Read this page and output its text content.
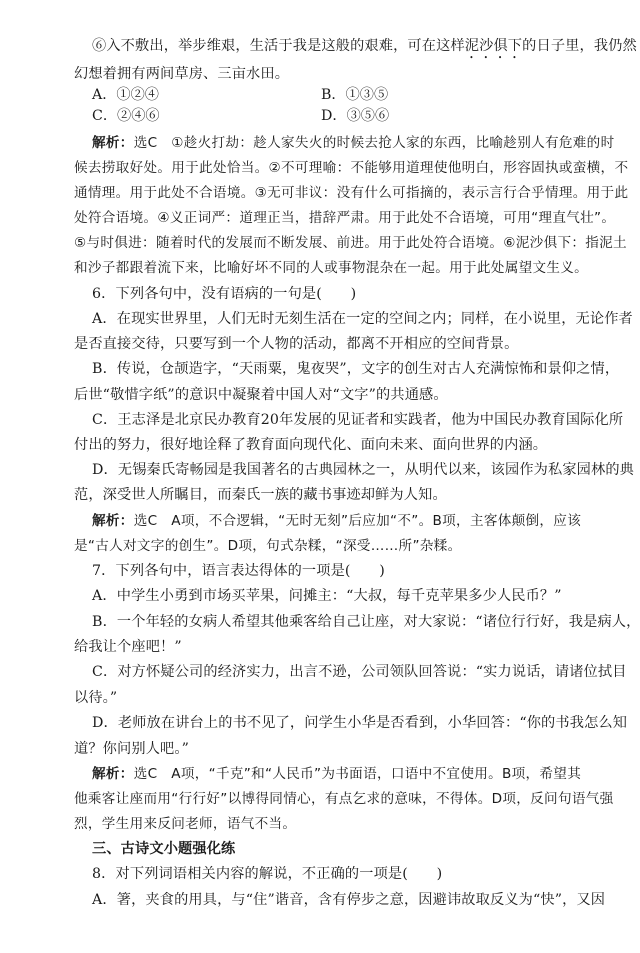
⑥入不敷出，举步维艰，生活于我是这般的艰难，可在这样泥沙俱下的日子里，我仍然
幻想着拥有两间草房、三亩水田。
A．①②④	B．①③⑤
C．②④⑥	D．③⑤⑥
解析：选C　①趁火打劫：趁人家失火的时候去抢人家的东西，比喻趁别人有危难的时
候去捞取好处。用于此处恰当。②不可理喻：不能够用道理使他明白，形容固执或蛮横，不
通情理。用于此处不合语境。③无可非议：没有什么可指摘的，表示言行合乎情理。用于此
处符合语境。④义正词严：道理正当，措辞严肃。用于此处不合语境，可用“理直气壮”。
⑤与时俱进：随着时代的发展而不断发展、前进。用于此处符合语境。⑥泥沙俱下：指泥土
和沙子都跟着流下来，比喻好坏不同的人或事物混杂在一起。用于此处属望文生义。
6．下列各句中，没有语病的一句是(　　)
A．在现实世界里，人们无时无刻生活在一定的空间之内；同样，在小说里，无论作者
是否直接交待，只要写到一个人物的活动，都离不开相应的空间背景。
B．传说，仓颉造字，“天雨粟，鬼夜哭”，文字的创生对古人充满惊怖和景仰之情，
后世“敬惜字纸”的意识中凝聚着中国人对“文字”的共通感。
C．王志泽是北京民办教育20年发展的见证者和实践者，他为中国民办教育国际化所
付出的努力，很好地诠释了教育面向现代化、面向未来、面向世界的内涵。
D．无锡秦氏寄畅园是我国著名的古典园林之一，从明代以来，该园作为私家园林的典
范，深受世人所瞩目，而秦氏一族的藏书事迹却鲜为人知。
解析：选C　A项，不合逻辑，“无时无刻”后应加“不”。B项，主客体颠倒，应该
是“古人对文字的创生”。D项，句式杂糅，“深受……所”杂糅。
7．下列各句中，语言表达得体的一项是(　　)
A．中学生小勇到市场买苹果，问摊主：“大叔，每千克苹果多少人民币？”
B．一个年轻的女病人希望其他乘客给自己让座，对大家说：“诸位行行好，我是病人，
给我让个座吧！”
C．对方怀疑公司的经济实力，出言不逊，公司领队回答说：“实力说话，请诸位拭目
以待。”
D．老师放在讲台上的书不见了，问学生小华是否看到，小华回答：“你的书我怎么知
道？你问别人吧。”
解析：选C　A项，“千克”和“人民币”为书面语，口语中不宜使用。B项，希望其
他乘客让座而用“行行好”以博得同情心，有点乞求的意味，不得体。D项，反问句语气强
烈，学生用来反问老师，语气不当。
三、古诗文小题强化练
8．对下列词语相关内容的解说，不正确的一项是(　　)
A．箸，夹食的用具，与“住”谐音，含有停步之意，因避讳故取反义为“快”，又因
